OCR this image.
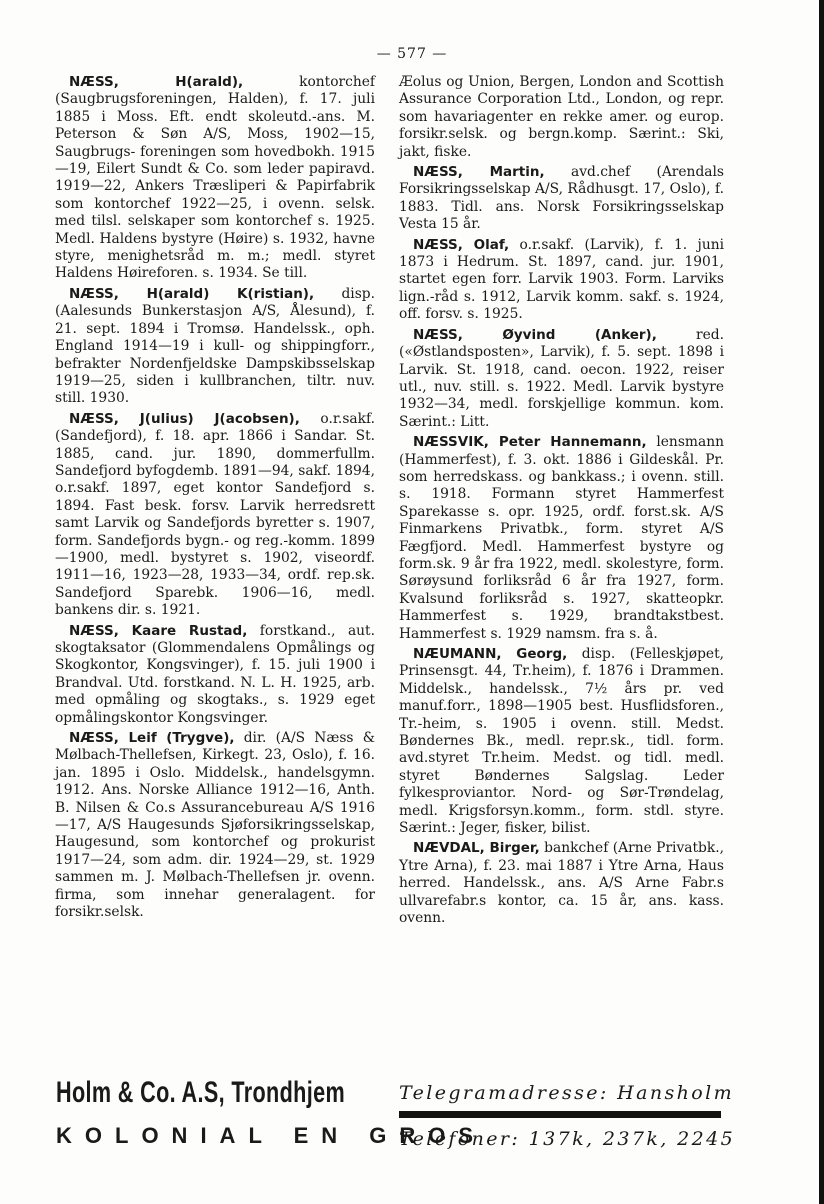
— 577 —

NÆSS, H(arald), kontorchef (Saugbrugsforeningen, Halden), f. 17. juli 1885 i Moss. Eft. endt skoleutd.-ans. M. Peterson & Søn A/S, Moss, 1902—15, Saugbrugs- foreningen som hovedbokh. 1915—19, Eilert Sundt & Co. som leder papiravd. 1919—22, Ankers Træsliperi & Papirfabrik som kontorchef 1922—25, i ovenn. selsk. med tilsl. selskaper som kontorchef s. 1925. Medl. Haldens bystyre (Høire) s. 1932, havne styre, menighetsråd m. m.; medl. styret Haldens Høireforen. s. 1934. Se till.

NÆSS, H(arald) K(ristian), disp. (Aalesunds Bunkerstasjon A/S, Ålesund), f. 21. sept. 1894 i Tromsø. Handelssk., oph. England 1914—19 i kull- og shippingforr., befrakter Nordenfjeldske Dampskibsselskap 1919—25, siden i kullbranchen, tiltr. nuv. still. 1930.

NÆSS, J(ulius) J(acobsen), o.r.sakf. (Sandefjord), f. 18. apr. 1866 i Sandar. St. 1885, cand. jur. 1890, dommerfullm. Sandefjord byfogdemb. 1891—94, sakf. 1894, o.r.sakf. 1897, eget kontor Sandefjord s. 1894. Fast besk. forsv. Larvik herredsrett samt Larvik og Sandefjords byretter s. 1907, form. Sandefjords bygn.- og reg.-komm. 1899—1900, medl. bystyret s. 1902, viseordf. 1911—16, 1923—28, 1933—34, ordf. rep.sk. Sandefjord Sparebk. 1906—16, medl. bankens dir. s. 1921.

NÆSS, Kaare Rustad, forstkand., aut. skogtaksator (Glommendalens Opmålings og Skogkontor, Kongsvinger), f. 15. juli 1900 i Brandval. Utd. forstkand. N. L. H. 1925, arb. med opmåling og skogtaks., s. 1929 eget opmålingskontor Kongsvinger.

NÆSS, Leif (Trygve), dir. (A/S Næss & Mølbach-Thellefsen, Kirkegt. 23, Oslo), f. 16. jan. 1895 i Oslo. Middelsk., handelsgymn. 1912. Ans. Norske Alliance 1912—16, Anth. B. Nilsen & Co.s Assurancebureau A/S 1916—17, A/S Haugesunds Sjøforsikringsselskap, Haugesund, som kontorchef og prokurist 1917—24, som adm. dir. 1924—29, st. 1929 sammen m. J. Mølbach-Thellefsen jr. ovenn. firma, som innehar generalagent. for forsikr.selsk.

Æolus og Union, Bergen, London and Scottish Assurance Corporation Ltd., London, og repr. som havariagenter en rekke amer. og europ. forsikr.selsk. og bergn.komp. Særint.: Ski, jakt, fiske.

NÆSS, Martin, avd.chef (Arendals Forsikringsselskap A/S, Rådhusgt. 17, Oslo), f. 1883. Tidl. ans. Norsk Forsikringsselskap Vesta 15 år.

NÆSS, Olaf, o.r.sakf. (Larvik), f. 1. juni 1873 i Hedrum. St. 1897, cand. jur. 1901, startet egen forr. Larvik 1903. Form. Larviks lign.-råd s. 1912, Larvik komm. sakf. s. 1924, off. forsv. s. 1925.

NÆSS, Øyvind (Anker), red. («Østlandsposten», Larvik), f. 5. sept. 1898 i Larvik. St. 1918, cand. oecon. 1922, reiser utl., nuv. still. s. 1922. Medl. Larvik bystyre 1932—34, medl. forskjellige kommun. kom. Særint.: Litt.

NÆSSVIK, Peter Hannemann, lensmann (Hammerfest), f. 3. okt. 1886 i Gildeskål. Pr. som herredskass. og bankkass.; i ovenn. still. s. 1918. Formann styret Hammerfest Sparekasse s. opr. 1925, ordf. forst.sk. A/S Finmarkens Privatbk., form. styret A/S Fægfjord. Medl. Hammerfest bystyre og form.sk. 9 år fra 1922, medl. skolestyre, form. Sørøysund forliksråd 6 år fra 1927, form. Kvalsund forliksråd s. 1927, skatteopkr. Hammerfest s. 1929, brandtakstbest. Hammerfest s. 1929 namsm. fra s. å.

NÆUMANN, Georg, disp. (Felleskjøpet, Prinsensgt. 44, Tr.heim), f. 1876 i Drammen. Middelsk., handelssk., 7½ års pr. ved manuf.forr., 1898—1905 best. Husflidsforen., Tr.-heim, s. 1905 i ovenn. still. Medst. Bøndernes Bk., medl. repr.sk., tidl. form. avd.styret Tr.heim. Medst. og tidl. medl. styret Bøndernes Salgslag. Leder fylkesproviantor. Nord- og Sør-Trøndelag, medl. Krigsforsyn.komm., form. stdl. styre. Særint.: Jeger, fisker, bilist.

NÆVDAL, Birger, bankchef (Arne Privatbk., Ytre Arna), f. 23. mai 1887 i Ytre Arna, Haus herred. Handelssk., ans. A/S Arne Fabr.s ullvarefabr.s kontor, ca. 15 år, ans. kass. ovenn.

Holm & Co. A.S, Trondhjem
KOLONIAL EN GROS
Telegramadresse: Hansholm
Telefoner: 137k, 237k, 2245
